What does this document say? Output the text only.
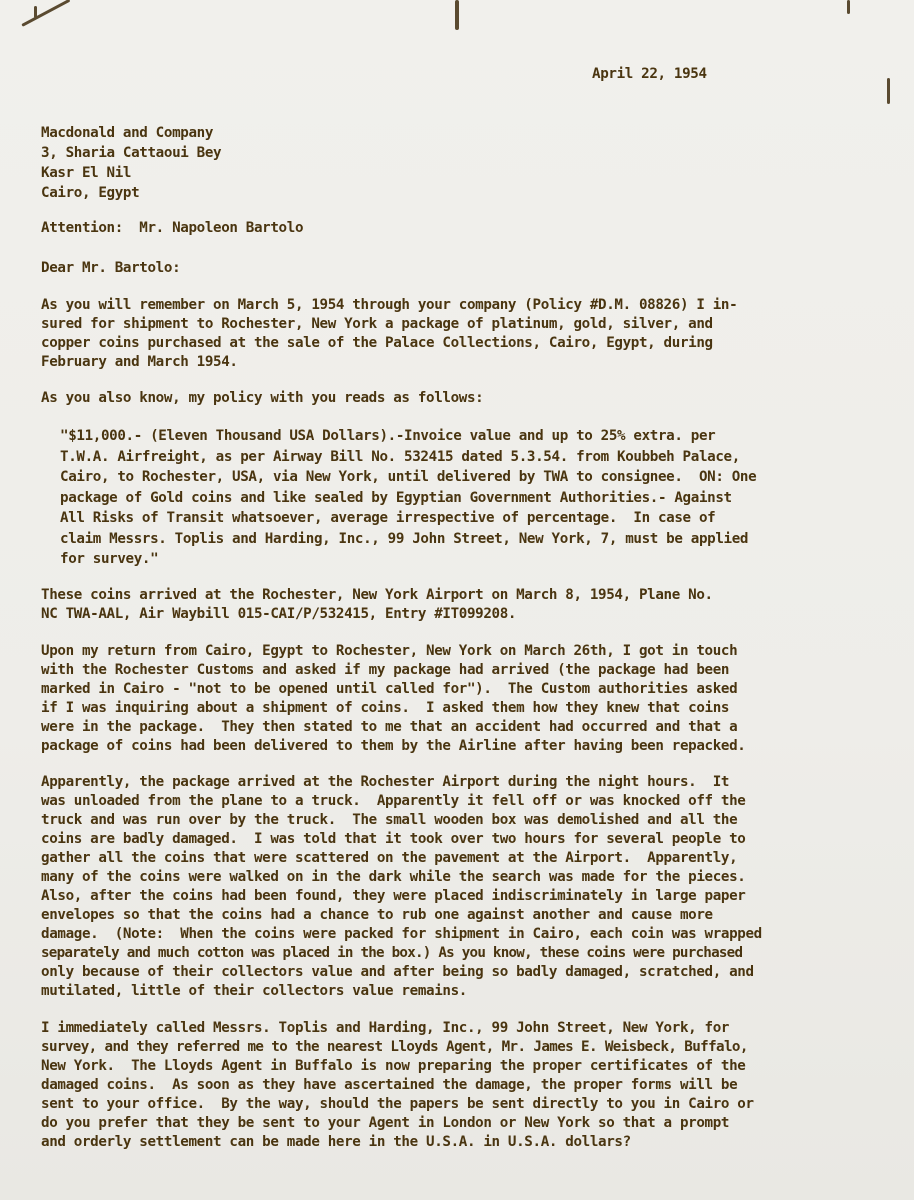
April 22, 1954
Macdonald and Company
3, Sharia Cattaoui Bey
Kasr El Nil
Cairo, Egypt
Attention:  Mr. Napoleon Bartolo
Dear Mr. Bartolo:
As you will remember on March 5, 1954 through your company (Policy #D.M. 08826) I in-
sured for shipment to Rochester, New York a package of platinum, gold, silver, and
copper coins purchased at the sale of the Palace Collections, Cairo, Egypt, during
February and March 1954.
As you also know, my policy with you reads as follows:
"$11,000.- (Eleven Thousand USA Dollars).-Invoice value and up to 25% extra. per
T.W.A. Airfreight, as per Airway Bill No. 532415 dated 5.3.54. from Koubbeh Palace,
Cairo, to Rochester, USA, via New York, until delivered by TWA to consignee.  ON: One
package of Gold coins and like sealed by Egyptian Government Authorities.- Against
All Risks of Transit whatsoever, average irrespective of percentage.  In case of
claim Messrs. Toplis and Harding, Inc., 99 John Street, New York, 7, must be applied
for survey."
These coins arrived at the Rochester, New York Airport on March 8, 1954, Plane No.
NC TWA-AAL, Air Waybill 015-CAI/P/532415, Entry #IT099208.
Upon my return from Cairo, Egypt to Rochester, New York on March 26th, I got in touch
with the Rochester Customs and asked if my package had arrived (the package had been
marked in Cairo - "not to be opened until called for").  The Custom authorities asked
if I was inquiring about a shipment of coins.  I asked them how they knew that coins
were in the package.  They then stated to me that an accident had occurred and that a
package of coins had been delivered to them by the Airline after having been repacked.
Apparently, the package arrived at the Rochester Airport during the night hours.  It
was unloaded from the plane to a truck.  Apparently it fell off or was knocked off the
truck and was run over by the truck.  The small wooden box was demolished and all the
coins are badly damaged.  I was told that it took over two hours for several people to
gather all the coins that were scattered on the pavement at the Airport.  Apparently,
many of the coins were walked on in the dark while the search was made for the pieces.
Also, after the coins had been found, they were placed indiscriminately in large paper
envelopes so that the coins had a chance to rub one against another and cause more
damage.  (Note:  When the coins were packed for shipment in Cairo, each coin was wrapped
separately and much cotton was placed in the box.) As you know, these coins were purchased
only because of their collectors value and after being so badly damaged, scratched, and
mutilated, little of their collectors value remains.
I immediately called Messrs. Toplis and Harding, Inc., 99 John Street, New York, for
survey, and they referred me to the nearest Lloyds Agent, Mr. James E. Weisbeck, Buffalo,
New York.  The Lloyds Agent in Buffalo is now preparing the proper certificates of the
damaged coins.  As soon as they have ascertained the damage, the proper forms will be
sent to your office.  By the way, should the papers be sent directly to you in Cairo or
do you prefer that they be sent to your Agent in London or New York so that a prompt
and orderly settlement can be made here in the U.S.A. in U.S.A. dollars?
